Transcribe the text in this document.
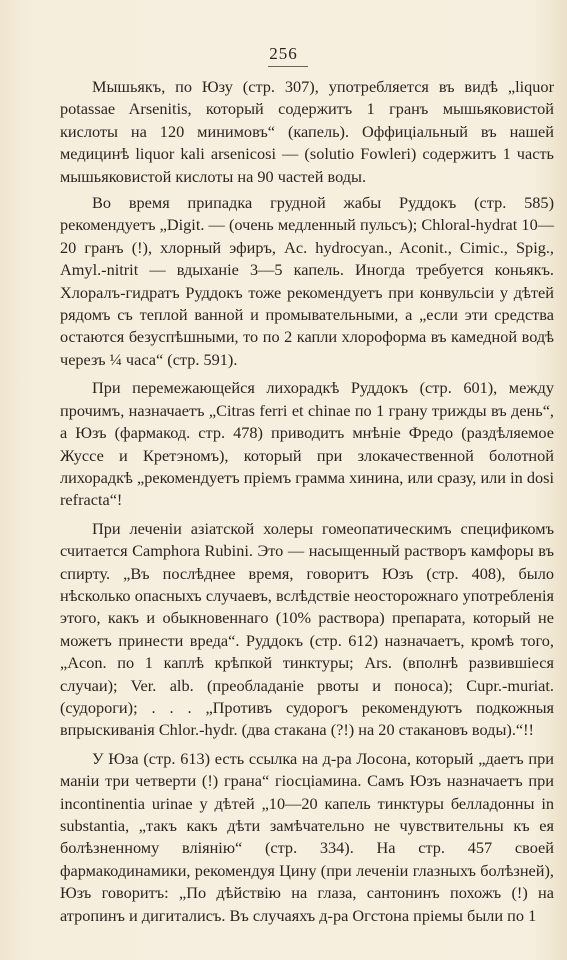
256

Мышьякъ, по Юзу (стр. 307), употребляется въ видѣ „liquor potassae Arsenitis, который содержитъ 1 гранъ мышьяковистой кислоты на 120 минимовъ“ (капель). Оффиціальный въ нашей медицинѣ liquor kali arsenicosi — (solutio Fowleri) содержитъ 1 часть мышьяковистой кислоты на 90 частей воды.

Во время припадка грудной жабы Руддокъ (стр. 585) рекомендуетъ „Digit. — (очень медленный пульсъ); Chloral-hydrat 10—20 гранъ (!), хлорный эфиръ, Ac. hydrocyan., Aconit., Cimic., Spig., Amyl.-nitrit — вдыханіе 3—5 капель. Иногда требуется коньякъ. Хлоралъ-гидратъ Руддокъ тоже рекомендуетъ при конвульсіи у дѣтей рядомъ съ теплой ванной и промывательными, а „если эти средства остаются безуспѣшными, то по 2 капли хлороформа въ камедной водѣ черезъ ¼ часа“ (стр. 591).

При перемежающейся лихорадкѣ Руддокъ (стр. 601), между прочимъ, назначаетъ „Citras ferri et chinae по 1 грану трижды въ день“, а Юзъ (фармакод. стр. 478) приводитъ мнѣніе Фредо (раздѣляемое Жуссе и Кретэномъ), который при злокачественной болотной лихорадкѣ „рекомендуетъ пріемъ грамма хинина, или сразу, или in dosi refracta“!

При леченіи азіатской холеры гомеопатическимъ спецификомъ считается Camphora Rubini. Это — насыщенный растворъ камфоры въ спирту. „Въ послѣднее время, говоритъ Юзъ (стр. 408), было нѣсколько опасныхъ случаевъ, вслѣдствіе неосторожнаго употребленія этого, какъ и обыкновеннаго (10% раствора) препарата, который не можетъ принести вреда“. Руддокъ (стр. 612) назначаетъ, кромѣ того, „Acon. по 1 каплѣ крѣпкой тинктуры; Ars. (вполнѣ развившіеся случаи); Ver. alb. (преобладаніе рвоты и поноса); Cupr.-muriat. (судороги); . . . „Противъ судорогъ рекомендуютъ подкожныя впрыскиванія Chlor.-hydr. (два стакана (?!) на 20 стакановъ воды).“!!

У Юза (стр. 613) есть ссылка на д-ра Лосона, который „даетъ при маніи три четверти (!) грана“ гіосціамина. Самъ Юзъ назначаетъ при incontinentia urinae у дѣтей „10—20 капель тинктуры белладонны in substantia, „такъ какъ дѣти замѣчательно не чувствительны къ ея болѣзненному вліянію“ (стр. 334). На стр. 457 своей фармакодинамики, рекомендуя Цину (при леченіи глазныхъ болѣзней), Юзъ говоритъ: „По дѣйствію на глаза, сантонинъ похожъ (!) на атропинъ и дигиталисъ. Въ случаяхъ д-ра Огстона пріемы были по 1
